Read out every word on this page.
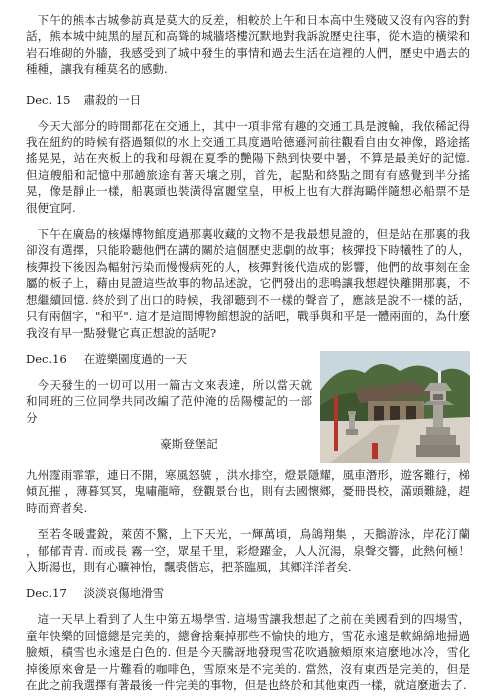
下午的熊本古城參訪真是莫大的反差，相較於上午和日本高中生殘破又沒有內容的對話，熊本城中純黑的屋瓦和高聳的城牆塔樓沉默地對我訴說歷史往事，從木造的橫梁和岩石堆砌的外牆，我感受到了城中發生的事情和過去生活在這裡的人們，歷史中過去的種種，讓我有種莫名的感動.

Dec. 15 肅殺的一日

今天大部分的時間都花在交通上，其中一項非常有趣的交通工具是渡輪，我依稀記得我在紐約的時候有搭過類似的水上交通工具度過哈德遜河前往觀看自由女神像，路途搖搖晃晃，站在夾板上的我和母親在夏季的艷陽下熱到快要中暑，不算是最美好的記憶. 但這艘船和記憶中那趟旅途有著天壤之別，首先，起點和終點之間有有感覺到半分搖晃，像是靜止一樣，船裏頭也裝潢得富麗堂皇，甲板上也有大群海鷗伴隨想必船票不是很便宜阿.

下午在廣島的核爆博物館度過那裏收藏的文物不是我最想見證的，但是站在那裏的我卻沒有選擇，只能聆聽他們在講的關於這個歷史悲劇的故事；核彈投下時犧牲了的人，核彈投下後因為輻射污染而慢慢病死的人，核彈對後代造成的影響，他們的故事刻在金屬的板子上，藉由見證這些故事的物品述說，它們發出的悲鳴讓我想趕快離開那裏，不想繼續回憶. 終於到了出口的時候，我卻聽到不一樣的聲音了，應該是說不一樣的話，只有兩個字，"和平". 這才是這間博物館想說的話吧，戰爭與和平是一體兩面的，為什麼我沒有早一點發覺它真正想說的話呢?

Dec.16 在遊樂園度過的一天

今天發生的一切可以用一篇古文來表達，所以當天就和同班的三位同學共同改編了范仲淹的岳陽樓記的一部分

豪斯登堡記

九州霪雨霏霏，連日不開，寒風怒號 ，洪水排空，燈景隱耀，風車潛形，遊客難行，梯傾瓦摧 ，薄暮冥冥，鬼嘯龍啼，登觀景台也，則有去國懷鄉，憂冊畏校，滿頭難縫，趕時而齊者矣.

至若冬暖晝銳，萊茵不驚，上下天光，一輝萬頃，鳥鴿翔集 ，天鵝游泳，岸花汀蘭 ，郁郁青青. 而或長 霧一空，眾星千里，彩燈躍金，人人沉湯，泉聲交響，此熱何極！入斯湯也，則有心曠神怡，飄裘偕忘，把茶臨風，其鄉洋洋者矣.

Dec.17 淡淡哀傷地滑雪

這一天早上看到了人生中第五場學雪. 這場雪讓我想起了之前在美國看到的四場雪，童年快樂的回憶總是完美的，總會捨棄掉那些不愉快的地方，雪花永遠是軟綿綿地掃過臉頰，積雪也永遠是白色的. 但是今天騰訝地發現雪花吹過臉頰原來這麼地冰冷，雪化掉後原來會是一片難看的咖啡色，雪原來是不完美的. 當然，沒有東西是完美的，但是在此之前我選擇有著最後一件完美的事物，但是也終於和其他東西一樣，就這麼逝去了.
